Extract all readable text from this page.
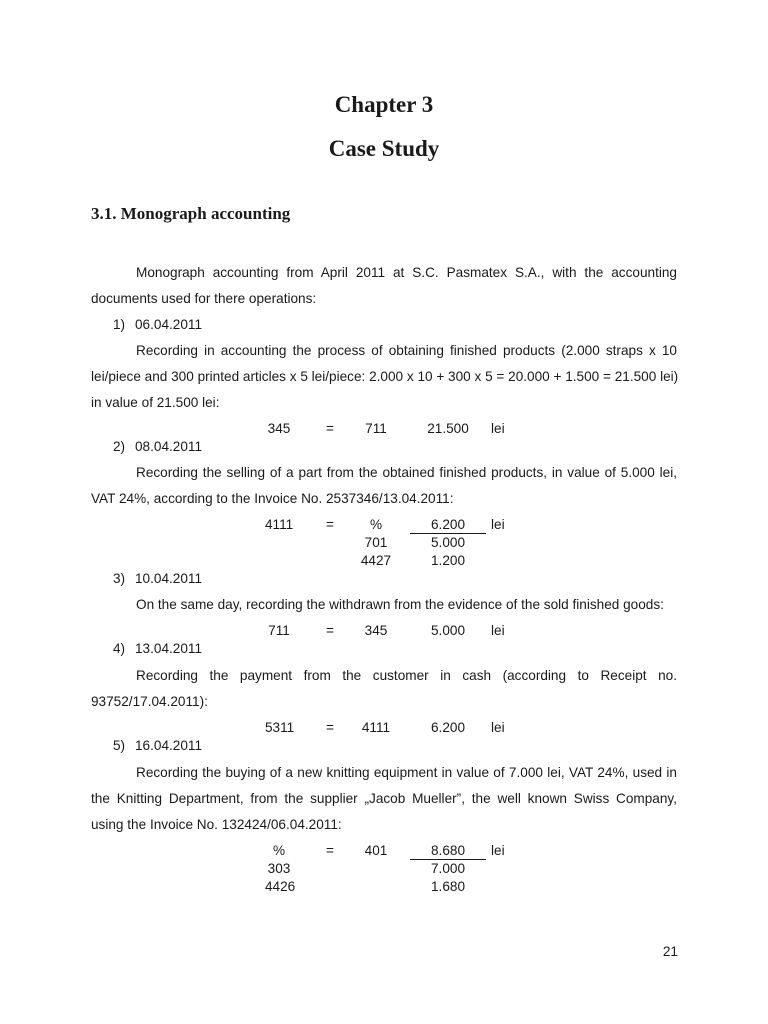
Chapter 3
Case Study
3.1. Monograph accounting
Monograph accounting from April 2011 at S.C. Pasmatex S.A., with the accounting
documents used for there operations:
1) 06.04.2011
Recording in accounting the process of obtaining finished products (2.000 straps x 10
lei/piece and 300 printed articles x 5 lei/piece: 2.000 x 10 + 300 x 5 = 20.000 + 1.500 = 21.500 lei)
in value of 21.500 lei:
345	=	711	21.500	lei
2) 08.04.2011
Recording the selling of a part from the obtained finished products, in value of 5.000 lei,
VAT 24%, according to the Invoice No. 2537346/13.04.2011:
4111 =	%	6.200	lei
701	5.000
4427	1.200
3) 10.04.2011
On the same day, recording the withdrawn from the evidence of the sold finished goods:
711	=	345	5.000	lei
4) 13.04.2011
Recording the payment from the customer in cash (according to Receipt no.
93752/17.04.2011):
5311 = 4111	6.200	lei
5) 16.04.2011
Recording the buying of a new knitting equipment in value of 7.000 lei, VAT 24%, used in
the Knitting Department, from the supplier „Jacob Mueller”, the well known Swiss Company,
using the Invoice No. 132424/06.04.2011:
%	=	401	8.680	lei
303	7.000
4426	1.680
21
